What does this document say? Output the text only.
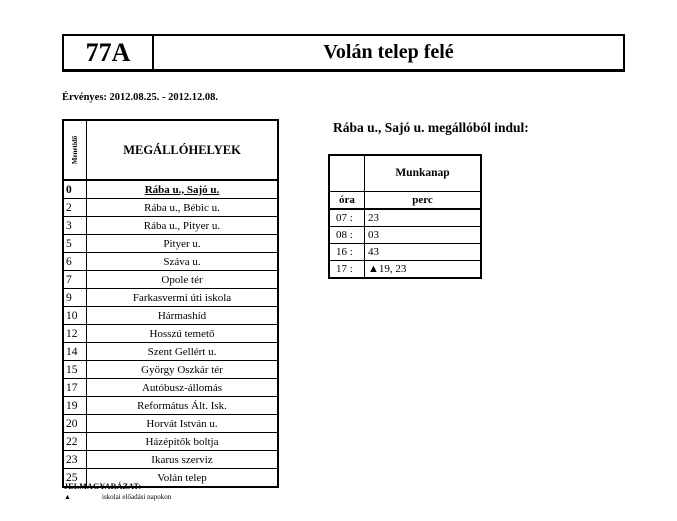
77A	Volán telep felé
Érvényes: 2012.08.25. - 2012.12.08.
Menetidő	MEGÁLLÓHELYEK
0	Rába u., Sajó u.
2	Rába u., Bébic u.
3	Rába u., Pityer u.
5	Pityer u.
6	Száva u.
7	Opole tér
9	Farkasvermi úti iskola
10	Hármashíd
12	Hosszú temető
14	Szent Gellért u.
15	György Oszkár tér
17	Autóbusz-állomás
19	Református Ált. Isk.
20	Horvát István u.
22	Házépítők boltja
23	Ikarus szerviz
25	Volán telep
Rába u., Sajó u. megállóból indul:
	Munkanap
óra	perc
07 :	23
08 :	03
16 :	43
17 :	▲19, 23
JELMAGYARÁZAT:
▲	iskolai előadási napokon
